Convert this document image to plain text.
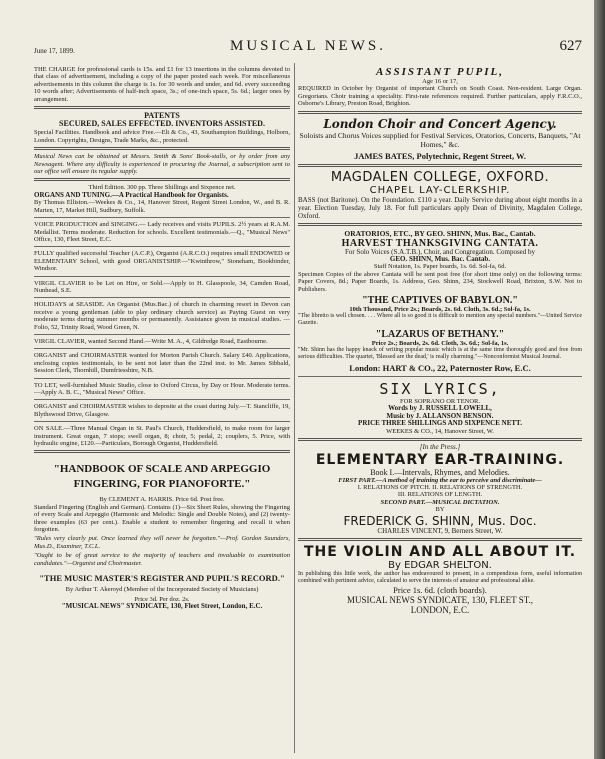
June 17, 1899.	MUSICAL NEWS.	627

THE CHARGE for professional cards is 15s. and £1 for 13 insertions in the columns devoted to that class of advertisement, including a copy of the paper posted each week. For miscellaneous advertisements in this column the charge is 1s. for 30 words and under, and 6d. every succeeding 10 words after; Advertisements of half-inch space, 3s.; of one-inch space, 5s. 6d.; larger ones by arrangement.

PATENTS

SECURED, SALES EFFECTED. INVENTORS ASSISTED.

Special Facilities. Handbook and advice Free.—Elt & Co., 43, Southampton Buildings, Holborn, London. Copyrights, Designs, Trade Marks, &c., protected.

Musical News can be obtained at Messrs. Smith & Sons' Book-stalls, or by order from any Newsagent. Where any difficulty is experienced in procuring the Journal, a subscription sent to our office will ensure its regular supply.

Third Edition. 300 pp. Three Shillings and Sixpence net.

ORGANS AND TUNING.—A Practical Handbook for Organists.

By Thomas Elliston.—Weekes & Co., 14, Hanover Street, Regent Street London, W., and B. R. Marten, 17, Market Hill, Sudbury, Suffolk.

VOICE PRODUCTION and SINGING.— Lady receives and visits PUPILS. 2½ years at R.A.M. Medallist. Terms moderate. Reduction for schools. Excellent testimonials.—Q., "Musical News" Office, 130, Fleet Street, E.C.

FULLY qualified successful Teacher (A.C.P.), Organist (A.R.C.O.) requires small ENDOWED or ELEMENTARY School, with good ORGANISTSHIP.—"Kwinthrow," Stoneham, Bookbinder, Windsor.

VIRGIL CLAVIER to be Let on Hire, or Sold.—Apply to H. Glasspoole, 34, Camden Road, Nunhead, S.E.

HOLIDAYS at SEASIDE. An Organist (Mus.Bac.) of church in charming resort in Devon can receive a young gentleman (able to play ordinary church service) as Paying Guest on very moderate terms during summer months or permanently. Assistance given in musical studies. —Folio, 52, Trinity Road, Wood Green, N.

VIRGIL CLAVIER, wanted Second Hand.—Write M. A., 4, Gildredge Road, Eastbourne.

ORGANIST and CHOIRMASTER wanted for Morton Parish Church. Salary £40. Applications, enclosing copies testimonials, to be sent not later than the 22nd inst. to Mr. James Sibbald, Session Clerk, Thornhill, Dumfriesshire, N.B.

TO LET, well-furnished Music Studio, close to Oxford Circus, by Day or Hour. Moderate terms.—Apply A. B. C., "Musical News" Office.

ORGANIST and CHOIRMASTER wishes to deposite at the coast during July.—T. Stancliffe, 19, Blythswood Drive, Glasgow.

ON SALE.—Three Manual Organ in St. Paul's Church, Huddersfield, to make room for larger instrument. Great organ, 7 stops; swell organ, 8; choir, 5; pedal, 2; couplers, 5. Price, with hydraulic engine, £120.—Particulars, Borough Organist, Huddersfield.

"HANDBOOK OF SCALE AND ARPEGGIO FINGERING, FOR PIANOFORTE."

By CLEMENT A. HARRIS. Price 6d. Post free.

Standard Fingering (English and German). Contains (1)—Six Short Rules, showing the Fingering of every Scale and Arpeggio (Harmonic and Melodic: Single and Double Notes), and (2) twenty-three examples (63 per cent.). Enable a student to remember fingering and recall it when forgotten.

"Rules very clearly put. Once learned they will never be forgotten."—Prof. Gordon Saunders, Mus.D., Examiner, T.C.L.

"Ought to be of great service to the majority of teachers and invaluable to examination candidates."—Organist and Choirmaster.

"THE MUSIC MASTER'S REGISTER AND PUPIL'S RECORD."

By Arthur T. Akeroyd (Member of the Incorporated Society of Musicians)

Price 3d. Per doz. 2s.

"MUSICAL NEWS" SYNDICATE, 130, Fleet Street, London, E.C.

ASSISTANT PUPIL,

Age 16 or 17,

REQUIRED in October by Organist of important Church on South Coast. Non-resident. Large Organ. Gregorians. Choir training a speciality. First-rate references required. Further particulars, apply F.R.C.O., Osborne's Library, Preston Road, Brighton.

London Choir and Concert Agency.

Soloists and Chorus Voices supplied for Festival Services, Oratorios, Concerts, Banquets, "At Homes," &c.

JAMES BATES, Polytechnic, Regent Street, W.

MAGDALEN COLLEGE, OXFORD.

CHAPEL LAY-CLERKSHIP.

BASS (not Baritone). On the Foundation. £110 a year. Daily Service during about eight months in a year. Election Tuesday, July 18. For full particulars apply Dean of Divinity, Magdalen College, Oxford.

ORATORIOS, ETC., BY GEO. SHINN, Mus. Bac., Cantab.

HARVEST THANKSGIVING CANTATA.

For Solo Voices (S.A.T.B.), Choir, and Congregation. Composed by

GEO. SHINN, Mus. Bac. Cantab.

Staff Notation, 1s. Paper boards, 1s. 6d. Sol-fa, 6d.

Specimen Copies of the above Cantata will be sent post free (for short time only) on the following terms: Paper Covers, 8d.; Paper Boards, 1s. Address, Geo. Shinn, 234, Stockwell Road, Brixton, S.W. Not to Publishers.

"THE CAPTIVES OF BABYLON."

10th Thousand, Price 2s.; Boards, 2s. 6d. Cloth, 3s. 6d.; Sol-fa, 1s.

"The libretto is well chosen. . . . Where all is so good it is difficult to mention any special numbers."—United Service Gazette.

"LAZARUS OF BETHANY."

Price 2s.; Boards, 2s. 6d. Cloth, 3s. 6d.; Sol-fa, 1s.

"Mr. Shinn has the happy knack of writing popular music which is at the same time thoroughly good and free from serious difficulties. The quartet, 'Blessed are the dead,' is really charming."—Nonconformist Musical Journal.

London: HART & CO., 22, Paternoster Row, E.C.

SIX LYRICS,

FOR SOPRANO OR TENOR.

Words by J. RUSSELL LOWELL,

Music by J. ALLANSON BENSON.

PRICE THREE SHILLINGS AND SIXPENCE NETT.

WEEKES & CO., 14, Hanover Street, W.

[In the Press.]

ELEMENTARY EAR-TRAINING.

Book I.—Intervals, Rhymes, and Melodies.

FIRST PART.—A method of training the ear to perceive and discriminate—

I. RELATIONS OF PITCH. II. RELATIONS OF STRENGTH.

III. RELATIONS OF LENGTH.

SECOND PART.—MUSICAL DICTATION.

BY

FREDERICK G. SHINN, Mus. Doc.

CHARLES VINCENT, 9, Berners Street, W.

THE VIOLIN AND ALL ABOUT IT.

By EDGAR SHELTON.

In publishing this little work, the author has endeavoured to present, in a compendious form, useful information combined with pertinent advice, calculated to serve the interests of amateur and professional alike.

Price 1s. 6d. (cloth boards).

MUSICAL NEWS SYNDICATE, 130, FLEET ST.,

LONDON, E.C.
